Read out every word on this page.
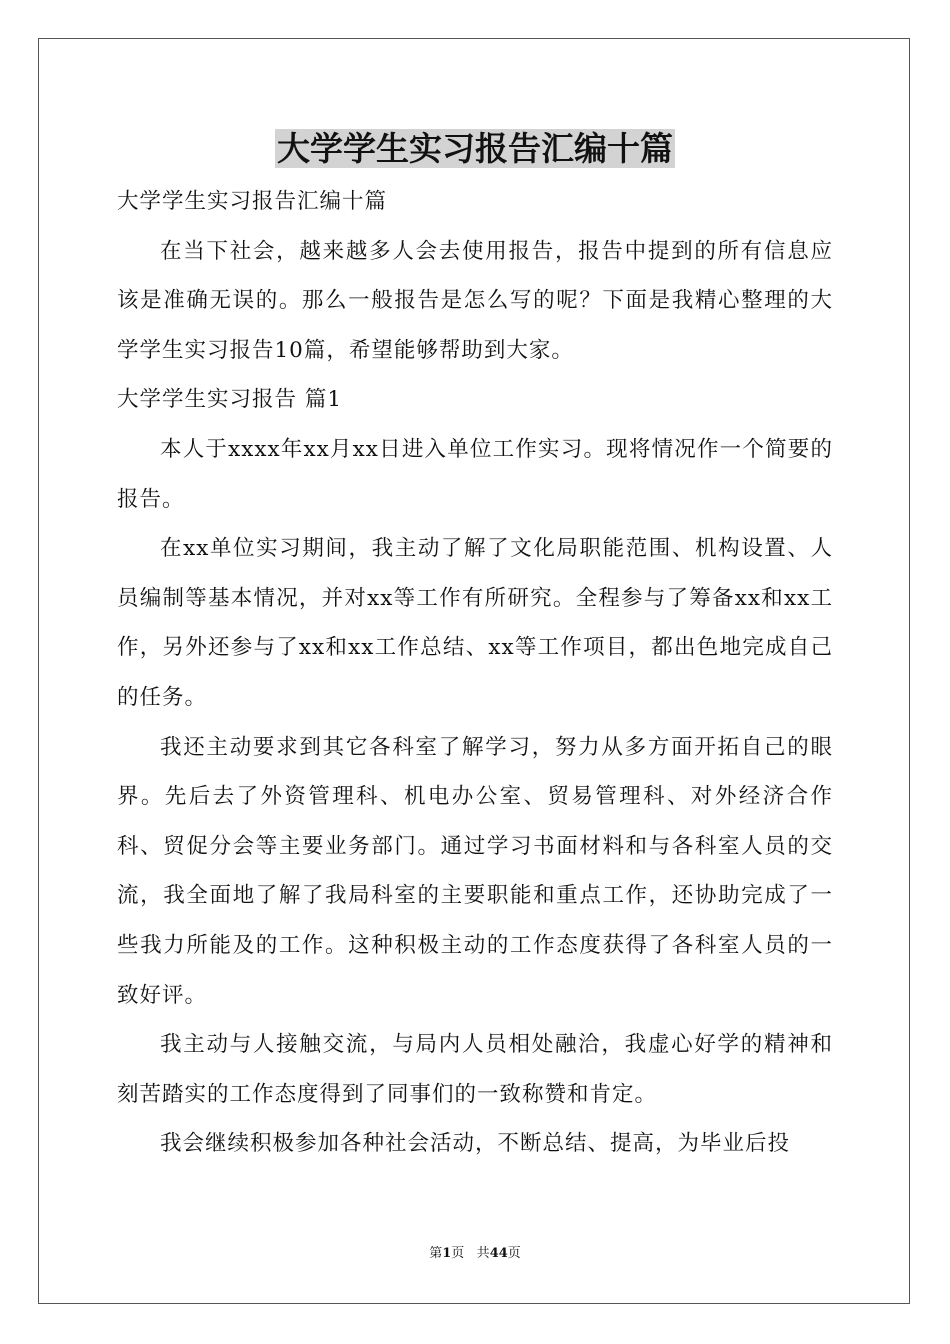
大学学生实习报告汇编十篇

大学学生实习报告汇编十篇

在当下社会，越来越多人会去使用报告，报告中提到的所有信息应该是准确无误的。那么一般报告是怎么写的呢？下面是我精心整理的大学学生实习报告10篇，希望能够帮助到大家。

大学学生实习报告 篇1

本人于xxxx年xx月xx日进入单位工作实习。现将情况作一个简要的报告。

在xx单位实习期间，我主动了解了文化局职能范围、机构设置、人员编制等基本情况，并对xx等工作有所研究。全程参与了筹备xx和xx工作，另外还参与了xx和xx工作总结、xx等工作项目，都出色地完成自己的任务。

我还主动要求到其它各科室了解学习，努力从多方面开拓自己的眼界。先后去了外资管理科、机电办公室、贸易管理科、对外经济合作科、贸促分会等主要业务部门。通过学习书面材料和与各科室人员的交流，我全面地了解了我局科室的主要职能和重点工作，还协助完成了一些我力所能及的工作。这种积极主动的工作态度获得了各科室人员的一致好评。

我主动与人接触交流，与局内人员相处融洽，我虚心好学的精神和刻苦踏实的工作态度得到了同事们的一致称赞和肯定。

我会继续积极参加各种社会活动，不断总结、提高，为毕业后投

第1页 共44页
